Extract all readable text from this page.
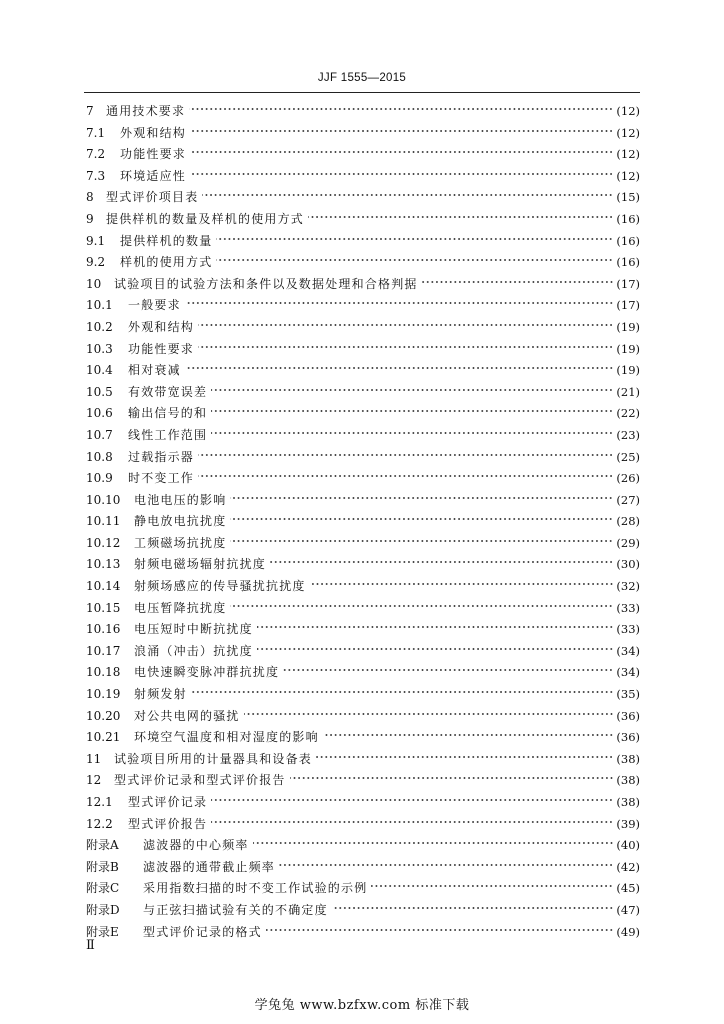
JJF 1555—2015
7	通用技术要求	(12)
7.1	外观和结构	(12)
7.2	功能性要求	(12)
7.3	环境适应性	(12)
8	型式评价项目表	(15)
9	提供样机的数量及样机的使用方式	(16)
9.1	提供样机的数量	(16)
9.2	样机的使用方式	(16)
10	试验项目的试验方法和条件以及数据处理和合格判据	(17)
10.1	一般要求	(17)
10.2	外观和结构	(19)
10.3	功能性要求	(19)
10.4	相对衰减	(19)
10.5	有效带宽误差	(21)
10.6	输出信号的和	(22)
10.7	线性工作范围	(23)
10.8	过载指示器	(25)
10.9	时不变工作	(26)
10.10	电池电压的影响	(27)
10.11	静电放电抗扰度	(28)
10.12	工频磁场抗扰度	(29)
10.13	射频电磁场辐射抗扰度	(30)
10.14	射频场感应的传导骚扰抗扰度	(32)
10.15	电压暂降抗扰度	(33)
10.16	电压短时中断抗扰度	(33)
10.17	浪涌（冲击）抗扰度	(34)
10.18	电快速瞬变脉冲群抗扰度	(34)
10.19	射频发射	(35)
10.20	对公共电网的骚扰	(36)
10.21	环境空气温度和相对湿度的影响	(36)
11	试验项目所用的计量器具和设备表	(38)
12	型式评价记录和型式评价报告	(38)
12.1	型式评价记录	(38)
12.2	型式评价报告	(39)
附录A	滤波器的中心频率	(40)
附录B	滤波器的通带截止频率	(42)
附录C	采用指数扫描的时不变工作试验的示例	(45)
附录D	与正弦扫描试验有关的不确定度	(47)
附录E	型式评价记录的格式	(49)
Ⅱ
学兔兔 www.bzfxw.com 标准下载
